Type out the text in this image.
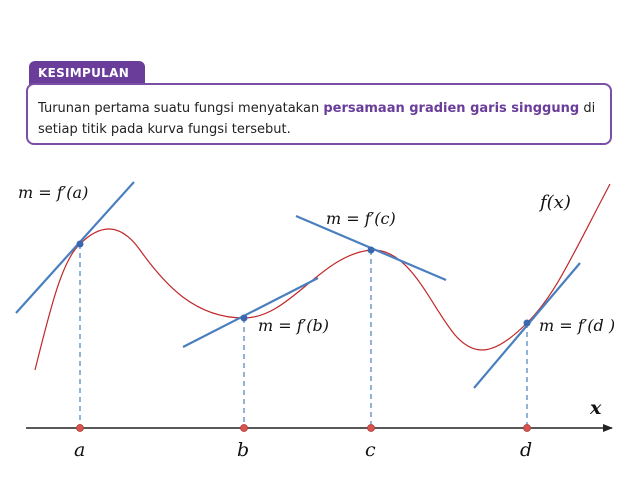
KESIMPULAN
Turunan pertama suatu fungsi menyatakan persamaan gradien garis singgung di setiap titik pada kurva fungsi tersebut.
m = f′(a)
m = f′(b)
m = f′(c)
m = f′(d )
f(x)
x
a	b	c	d
